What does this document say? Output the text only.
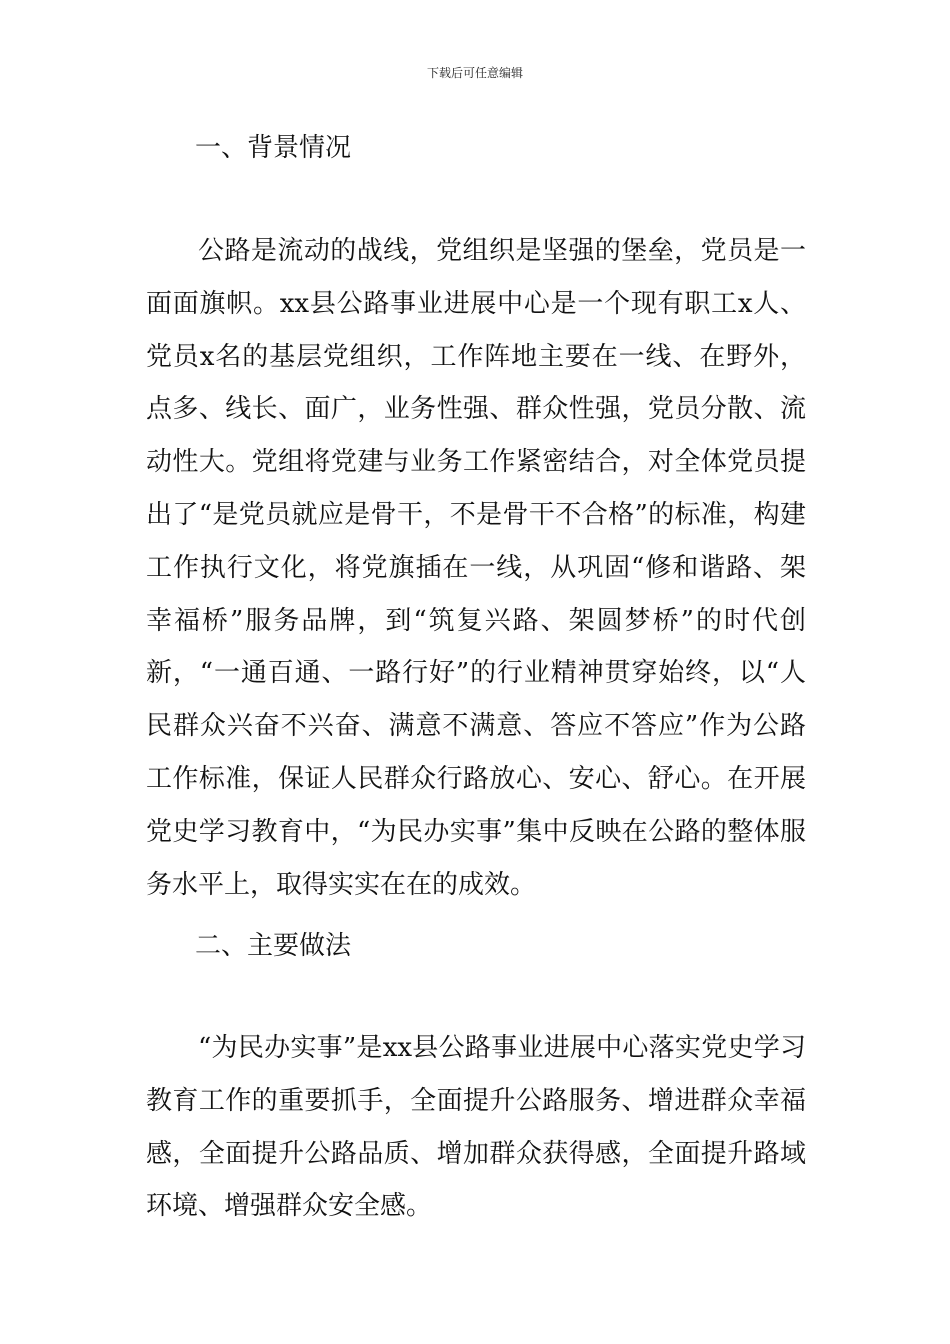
下载后可任意编辑
一、背景情况

公路是流动的战线，党组织是坚强的堡垒，党员是一面面旗帜。xx县公路事业进展中心是一个现有职工x人、党员x名的基层党组织，工作阵地主要在一线、在野外，点多、线长、面广，业务性强、群众性强，党员分散、流动性大。党组将党建与业务工作紧密结合，对全体党员提出了“是党员就应是骨干，不是骨干不合格”的标准，构建工作执行文化，将党旗插在一线，从巩固“修和谐路、架幸福桥”服务品牌，到“筑复兴路、架圆梦桥”的时代创新，“一通百通、一路行好”的行业精神贯穿始终，以“人民群众兴奋不兴奋、满意不满意、答应不答应”作为公路工作标准，保证人民群众行路放心、安心、舒心。在开展党史学习教育中，“为民办实事”集中反映在公路的整体服务水平上，取得实实在在的成效。

二、主要做法

“为民办实事”是xx县公路事业进展中心落实党史学习教育工作的重要抓手，全面提升公路服务、增进群众幸福感，全面提升公路品质、增加群众获得感，全面提升路域环境、增强群众安全感。
